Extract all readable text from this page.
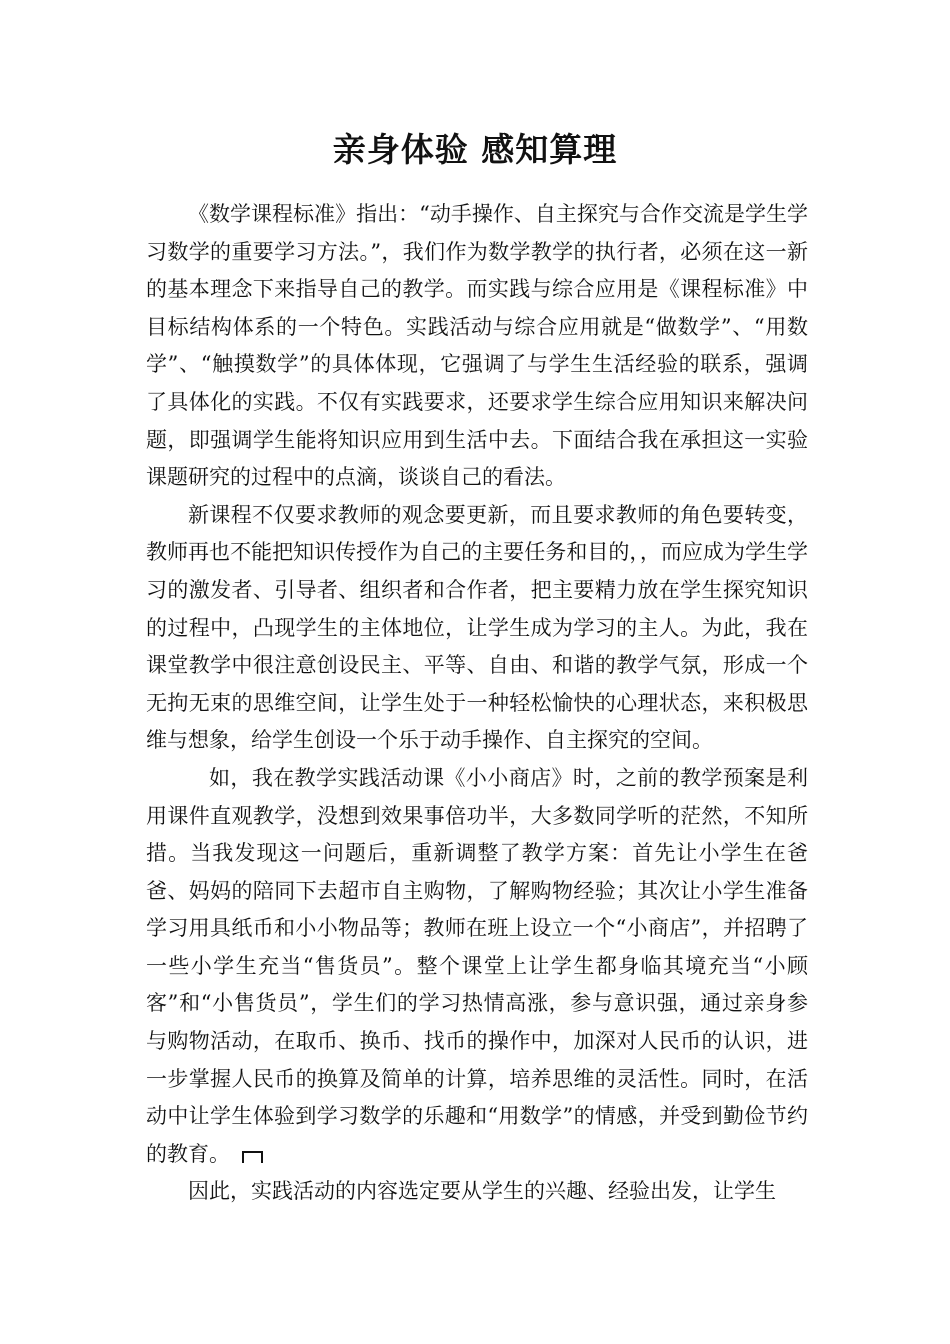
亲身体验 感知算理

《数学课程标准》指出：“动手操作、自主探究与合作交流是学生学习数学的重要学习方法。”，我们作为数学教学的执行者，必须在这一新的基本理念下来指导自己的教学。而实践与综合应用是《课程标准》中目标结构体系的一个特色。实践活动与综合应用就是“做数学”、“用数学”、“触摸数学”的具体体现，它强调了与学生生活经验的联系，强调了具体化的实践。不仅有实践要求，还要求学生综合应用知识来解决问题，即强调学生能将知识应用到生活中去。下面结合我在承担这一实验课题研究的过程中的点滴，谈谈自己的看法。

新课程不仅要求教师的观念要更新，而且要求教师的角色要转变，教师再也不能把知识传授作为自己的主要任务和目的，，而应成为学生学习的激发者、引导者、组织者和合作者，把主要精力放在学生探究知识的过程中，凸现学生的主体地位，让学生成为学习的主人。为此，我在课堂教学中很注意创设民主、平等、自由、和谐的教学气氛，形成一个无拘无束的思维空间，让学生处于一种轻松愉快的心理状态，来积极思维与想象，给学生创设一个乐于动手操作、自主探究的空间。

如，我在教学实践活动课《小小商店》时，之前的教学预案是利用课件直观教学，没想到效果事倍功半，大多数同学听的茫然，不知所措。当我发现这一问题后，重新调整了教学方案：首先让小学生在爸爸、妈妈的陪同下去超市自主购物，了解购物经验；其次让小学生准备学习用具纸币和小小物品等；教师在班上设立一个“小商店”，并招聘了一些小学生充当“售货员”。整个课堂上让学生都身临其境充当“小顾客”和“小售货员”，学生们的学习热情高涨，参与意识强，通过亲身参与购物活动，在取币、换币、找币的操作中，加深对人民币的认识，进一步掌握人民币的换算及简单的计算，培养思维的灵活性。同时，在活动中让学生体验到学习数学的乐趣和“用数学”的情感，并受到勤俭节约的教育。

因此，实践活动的内容选定要从学生的兴趣、经验出发，让学生
